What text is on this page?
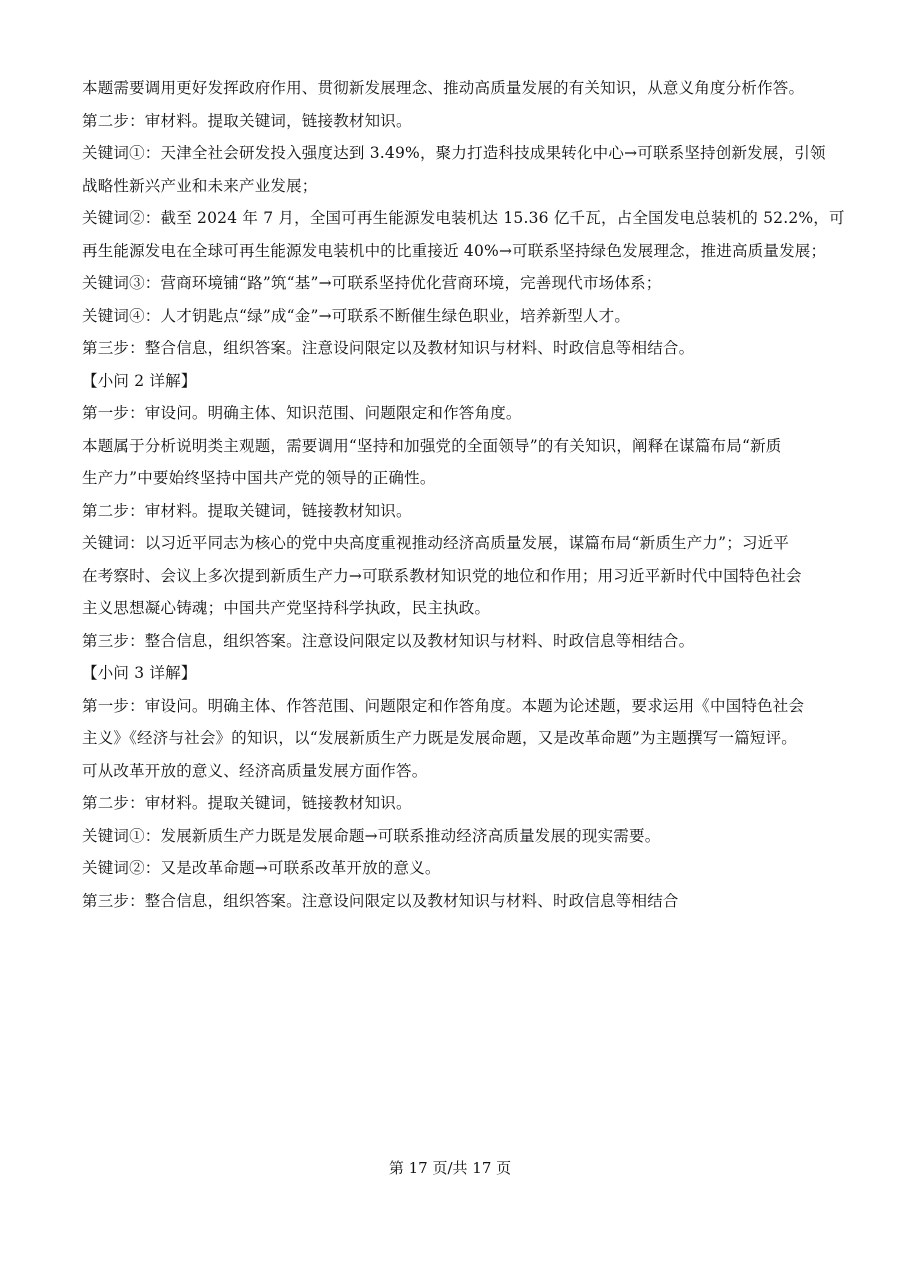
本题需要调用更好发挥政府作用、贯彻新发展理念、推动高质量发展的有关知识，从意义角度分析作答。
第二步：审材料。提取关键词，链接教材知识。
关键词①：天津全社会研发投入强度达到 3.49%，聚力打造科技成果转化中心→可联系坚持创新发展，引领
战略性新兴产业和未来产业发展；
关键词②：截至 2024 年 7 月，全国可再生能源发电装机达 15.36 亿千瓦，占全国发电总装机的 52.2%，可
再生能源发电在全球可再生能源发电装机中的比重接近 40%→可联系坚持绿色发展理念，推进高质量发展；
关键词③：营商环境铺“路”筑“基”→可联系坚持优化营商环境，完善现代市场体系；
关键词④：人才钥匙点“绿”成“金”→可联系不断催生绿色职业，培养新型人才。
第三步：整合信息，组织答案。注意设问限定以及教材知识与材料、时政信息等相结合。
【小问 2 详解】
第一步：审设问。明确主体、知识范围、问题限定和作答角度。
本题属于分析说明类主观题，需要调用“坚持和加强党的全面领导”的有关知识，阐释在谋篇布局“新质
生产力”中要始终坚持中国共产党的领导的正确性。
第二步：审材料。提取关键词，链接教材知识。
关键词：以习近平同志为核心的党中央高度重视推动经济高质量发展，谋篇布局“新质生产力”；习近平
在考察时、会议上多次提到新质生产力→可联系教材知识党的地位和作用；用习近平新时代中国特色社会
主义思想凝心铸魂；中国共产党坚持科学执政，民主执政。
第三步：整合信息，组织答案。注意设问限定以及教材知识与材料、时政信息等相结合。
【小问 3 详解】
第一步：审设问。明确主体、作答范围、问题限定和作答角度。本题为论述题，要求运用《中国特色社会
主义》《经济与社会》的知识，以“发展新质生产力既是发展命题，又是改革命题”为主题撰写一篇短评。
可从改革开放的意义、经济高质量发展方面作答。
第二步：审材料。提取关键词，链接教材知识。
关键词①：发展新质生产力既是发展命题→可联系推动经济高质量发展的现实需要。
关键词②：又是改革命题→可联系改革开放的意义。
第三步：整合信息，组织答案。注意设问限定以及教材知识与材料、时政信息等相结合
第 17 页/共 17 页
